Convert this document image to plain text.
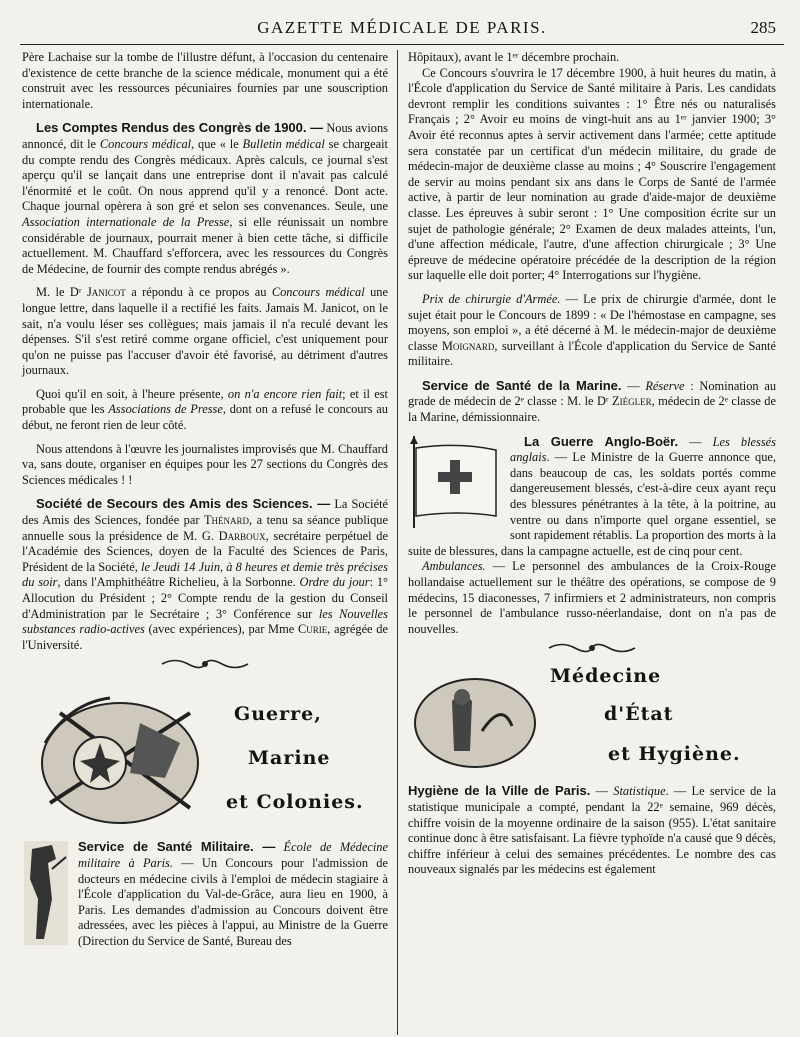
GAZETTE MÉDICALE DE PARIS.	285

Père Lachaise sur la tombe de l'illustre défunt, à l'occasion du centenaire d'existence de cette branche de la science médicale, monument qui a été construit avec les ressources pécuniaires fournies par une souscription internationale.

Les Comptes Rendus des Congrès de 1900. — Nous avions annoncé, dit le Concours médical, que « le Bulletin médical se chargeait du compte rendu des Congrès médicaux. Après calculs, ce journal s'est aperçu qu'il se lançait dans une entreprise dont il n'avait pas calculé l'énormité et le coût. On nous apprend qu'il y a renoncé. Dont acte. Chaque journal opèrera à son gré et selon ses convenances. Seule, une Association internationale de la Presse, si elle réunissait un nombre considérable de journaux, pourrait mener à bien cette tâche, si difficile actuellement. M. Chauffard s'efforcera, avec les ressources du Congrès de Médecine, de fournir des compte rendus abrégés ».

M. le Dʳ Janicot a répondu à ce propos au Concours médical une longue lettre, dans laquelle il a rectifié les faits. Jamais M. Janicot, on le sait, n'a voulu léser ses collègues; mais jamais il n'a reculé devant les dépenses. S'il s'est retiré comme organe officiel, c'est uniquement pour qu'on ne puisse pas l'accuser d'avoir été favorisé, au détriment d'autres journaux.

Quoi qu'il en soit, à l'heure présente, on n'a encore rien fait; et il est probable que les Associations de Presse, dont on a refusé le concours au début, ne feront rien de leur côté.

Nous attendons à l'œuvre les journalistes improvisés que M. Chauffard va, sans doute, organiser en équipes pour les 27 sections du Congrès des Sciences médicales ! !

Société de Secours des Amis des Sciences. — La Société des Amis des Sciences, fondée par Thénard, a tenu sa séance publique annuelle sous la présidence de M. G. Darboux, secrétaire perpétuel de l'Académie des Sciences, doyen de la Faculté des Sciences de Paris, Président de la Société, le Jeudi 14 Juin, à 8 heures et demie très précises du soir, dans l'Amphithéâtre Richelieu, à la Sorbonne. Ordre du jour: 1° Allocution du Président ; 2° Compte rendu de la gestion du Conseil d'Administration par le Secrétaire ; 3° Conférence sur les Nouvelles substances radio-actives (avec expériences), par Mme Curie, agrégée de l'Université.

Guerre,
Marine
et Colonies.

Service de Santé Militaire. — École de Médecine militaire à Paris. — Un Concours pour l'admission de docteurs en médecine civils à l'emploi de médecin stagiaire à l'École d'application du Val-de-Grâce, aura lieu en 1900, à Paris. Les demandes d'admission au Concours doivent être adressées, avec les pièces à l'appui, au Ministre de la Guerre (Direction du Service de Santé, Bureau des

Hôpitaux), avant le 1ᵉʳ décembre prochain.

Ce Concours s'ouvrira le 17 décembre 1900, à huit heures du matin, à l'École d'application du Service de Santé militaire à Paris. Les candidats devront remplir les conditions suivantes : 1° Être nés ou naturalisés Français ; 2° Avoir eu moins de vingt-huit ans au 1ᵉʳ janvier 1900; 3° Avoir été reconnus aptes à servir activement dans l'armée; cette aptitude sera constatée par un certificat d'un médecin militaire, du grade de médecin-major de deuxième classe au moins ; 4° Souscrire l'engagement de servir au moins pendant six ans dans le Corps de Santé de l'armée active, à partir de leur nomination au grade d'aide-major de deuxième classe. Les épreuves à subir seront : 1° Une composition écrite sur un sujet de pathologie générale; 2° Examen de deux malades atteints, l'un, d'une affection médicale, l'autre, d'une affection chirurgicale ; 3° Une épreuve de médecine opératoire précédée de la description de la région sur laquelle elle doit porter; 4° Interrogations sur l'hygiène.

Prix de chirurgie d'Armée. — Le prix de chirurgie d'armée, dont le sujet était pour le Concours de 1899 : « De l'hémostase en campagne, ses moyens, son emploi », a été décerné à M. le médecin-major de deuxième classe Moignard, surveillant à l'École d'application du Service de Santé militaire.

Service de Santé de la Marine. — Réserve : Nomination au grade de médecin de 2ᵉ classe : M. le Dʳ Ziégler, médecin de 2ᵉ classe de la Marine, démissionnaire.

La Guerre Anglo-Boër. — Les blessés anglais. — Le Ministre de la Guerre annonce que, dans beaucoup de cas, les soldats portés comme dangereusement blessés, c'est-à-dire ceux ayant reçu des blessures pénétrantes à la tête, à la poitrine, au ventre ou dans n'importe quel organe essentiel, se sont rapidement rétablis. La proportion des morts à la suite de blessures, dans la campagne actuelle, est de cinq pour cent.

Ambulances. — Le personnel des ambulances de la Croix-Rouge hollandaise actuellement sur le théâtre des opérations, se compose de 9 médecins, 15 diaconesses, 7 infirmiers et 2 administrateurs, non compris le personnel de l'ambulance russo-néerlandaise, dont on n'a pas de nouvelles.

Médecine
d'État
et Hygiène.

Hygiène de la Ville de Paris. — Statistique. — Le service de la statistique municipale a compté, pendant la 22ᵉ semaine, 969 décès, chiffre voisin de la moyenne ordinaire de la saison (955). L'état sanitaire continue donc à être satisfaisant. La fièvre typhoïde n'a causé que 9 décès, chiffre inférieur à celui des semaines précédentes. Le nombre des cas nouveaux signalés par les médecins est également
